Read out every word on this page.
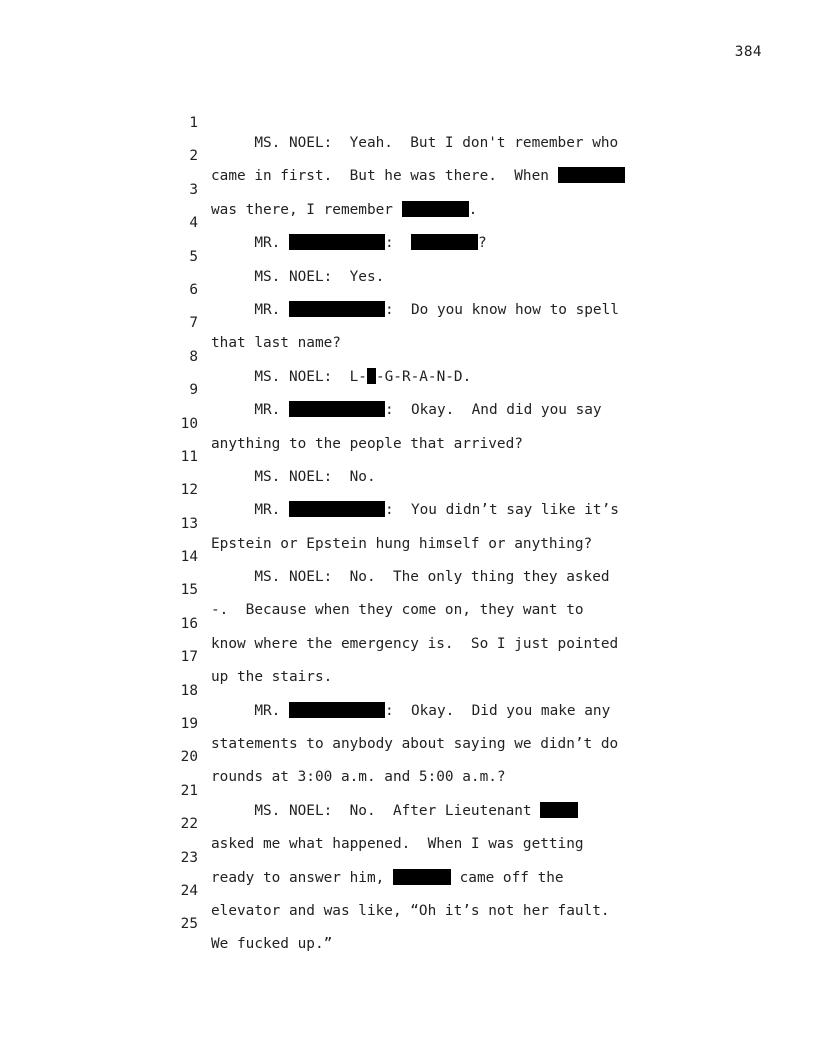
384

1

MS. NOEL:  Yeah.  But I don't remember who

2

came in first.  But he was there.  When

3

was there, I remember	.

4

MR.	:	?

5

MS. NOEL:  Yes.

6

MR.	:  Do you know how to spell

7

that last name?

8

MS. NOEL:  L- -G-R-A-N-D.

9

MR.	:  Okay.  And did you say

10

anything to the people that arrived?

11

MS. NOEL:  No.

12

MR.	:  You didn’t say like it’s

13

Epstein or Epstein hung himself or anything?

14

MS. NOEL:  No.  The only thing they asked

15

-.  Because when they come on, they want to

16

know where the emergency is.  So I just pointed

17

up the stairs.

18

MR.	:  Okay.  Did you make any

19

statements to anybody about saying we didn’t do

20

rounds at 3:00 a.m. and 5:00 a.m.?

21

MS. NOEL:  No.  After Lieutenant

22

asked me what happened.  When I was getting

23

ready to answer him,	came off the

24

elevator and was like, “Oh it’s not her fault.

25

We fucked up.”
